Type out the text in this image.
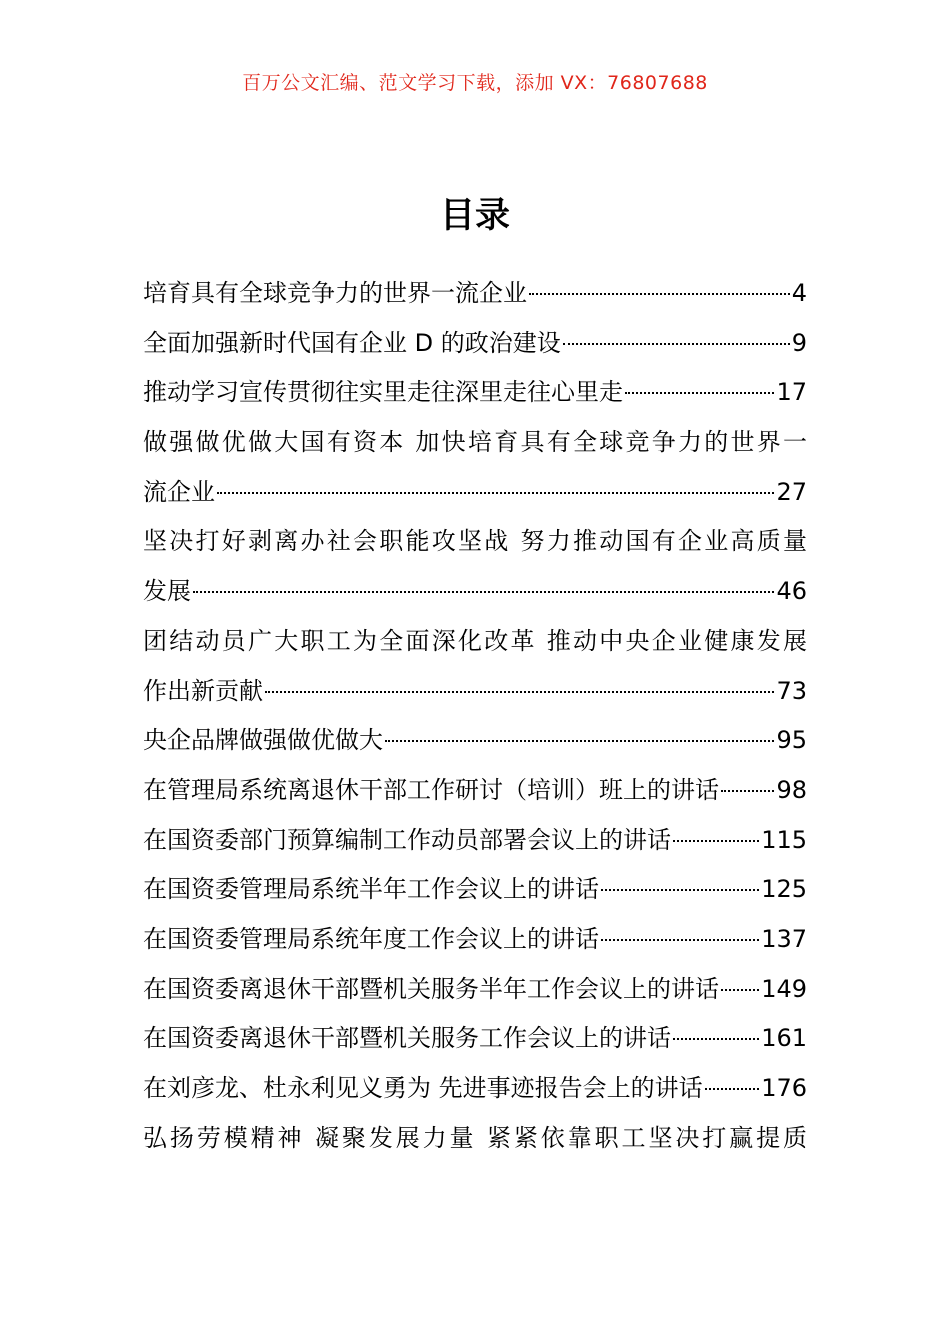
百万公文汇编、范文学习下载，添加 VX：76807688
目录
培育具有全球竞争力的世界一流企业	4
全面加强新时代国有企业 D 的政治建设	9
推动学习宣传贯彻往实里走往深里走往心里走	17
做强做优做大国有资本 加快培育具有全球竞争力的世界一
流企业	27
坚决打好剥离办社会职能攻坚战 努力推动国有企业高质量
发展	46
团结动员广大职工为全面深化改革 推动中央企业健康发展
作出新贡献	73
央企品牌做强做优做大	95
在管理局系统离退休干部工作研讨（培训）班上的讲话 98
在国资委部门预算编制工作动员部署会议上的讲话	115
在国资委管理局系统半年工作会议上的讲话	125
在国资委管理局系统年度工作会议上的讲话	137
在国资委离退休干部暨机关服务半年工作会议上的讲话 149
在国资委离退休干部暨机关服务工作会议上的讲话	161
在刘彦龙、杜永利见义勇为 先进事迹报告会上的讲话 176
弘扬劳模精神 凝聚发展力量 紧紧依靠职工坚决打赢提质
